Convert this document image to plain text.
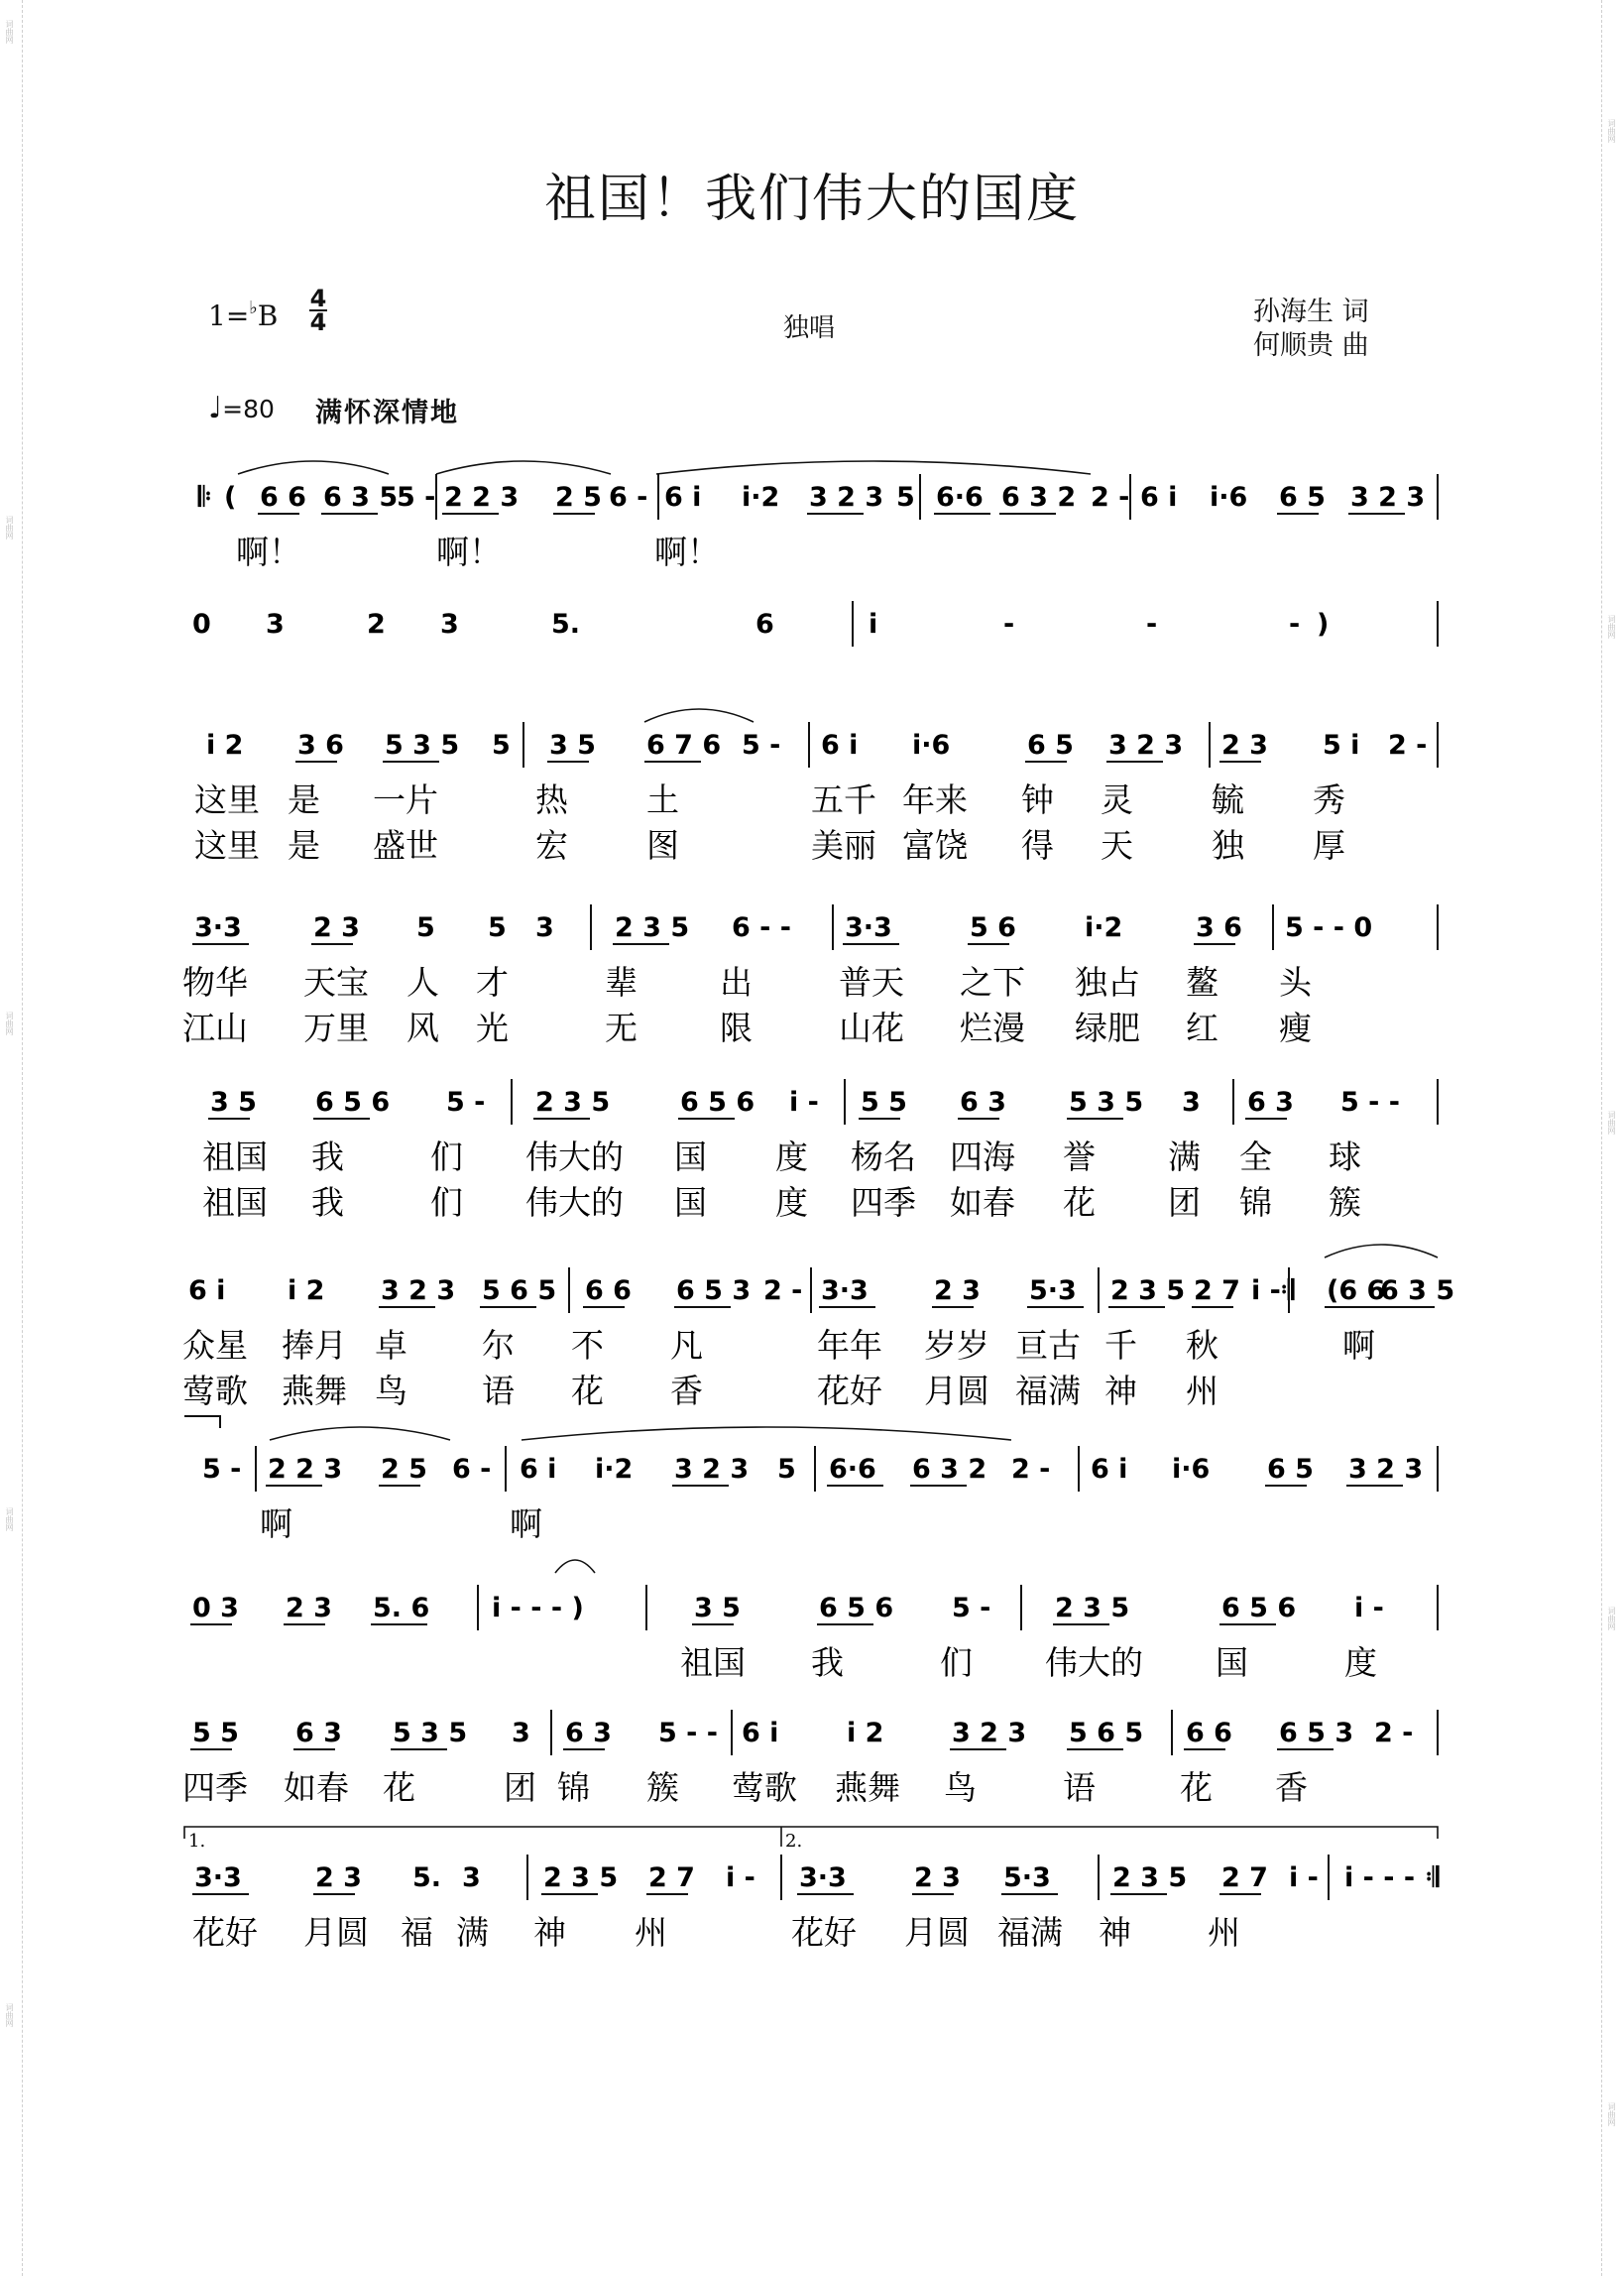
词曲网
词曲网
词曲网
词曲网
词曲网
词曲网
词曲网
词曲网
词曲网
词曲网
祖国！我们伟大的国度
1=♭B
4
4	独唱
孙海生 词
何顺贵 曲
♩=80 满怀深情地
𝄆 ( 6 6 6 3 5
5 - 2 2 3 2 5 6 - 6 i i·2 3 2 3 5 6·6 6 3 2 2 - 6 i i·6 6 5 3 2 3
啊！	啊！	啊！
0 3	2 3	5.	6	i	-	-	- )
i 2 3 6 5 3 5 5 3 5 6 7 6 5 - 6 i i·6	6 5 3 2 3 2 3 5 i 2 -
这里 是 一片	热 土	五千 年来 钟 灵 毓 秀
这里 是 盛世	宏 图	美丽 富饶 得 天 独 厚
3·3	2 3 5 5 3 2 3 5 6 - - 3·3	5 6	i·2	3 6 5 - - 0
物华 天宝 人 才	辈	出	普天 之下 独占 鳌 头
江山 万里 风 光	无	限	山花 烂漫 绿肥 红 瘦
3 5 6 5 6 5 - 2 3 5	6 5 6 i - 5 5 6 3 5 3 5 3 6 3 5 - -
祖国 我	们 伟大的 国 度 杨名 四海 誉 满 全 球
祖国 我	们 伟大的 国 度 四季 如春 花 团 锦 簇
6 i i 2 3 2 3 5 6 5 6 6 6 5 3 2 - 3·3 2 3 5·3 2 3 5 2 7 i - 𝄇 (6 6
6 3 5
众星 捧月 卓 尔 不 凡	年年 岁岁 亘古 千 秋	啊
莺歌 燕舞 鸟 语 花 香	花好 月圆 福满 神 州
5 - 2 2 3 2 5 6 - 6 i i·2 3 2 3 5 6·6 6 3 2 2 - 6 i i·6 6 5 3 2 3
啊	啊
0 3 2 3 5. 6 i - - - )	3 5	6 5 6 5 - 2 3 5	6 5 6 i -
祖国 我	们 伟大的 国	度
5 5 6 3 5 3 5 3 6 3 5 - - 6 i	i 2	3 2 3 5 6 5 6 6 6 5 3 2 -
四季 如春 花	团 锦 簇 莺歌 燕舞 鸟	语	花 香
3·3	2 3 5. 3 2 3 5 2 7 i - 3·3	2 3 5·3 2 3 5 2 7 i - i - - - 𝄇
花好 月圆 福 满 神 州	花好 月圆 福满 神 州
1.	2.
